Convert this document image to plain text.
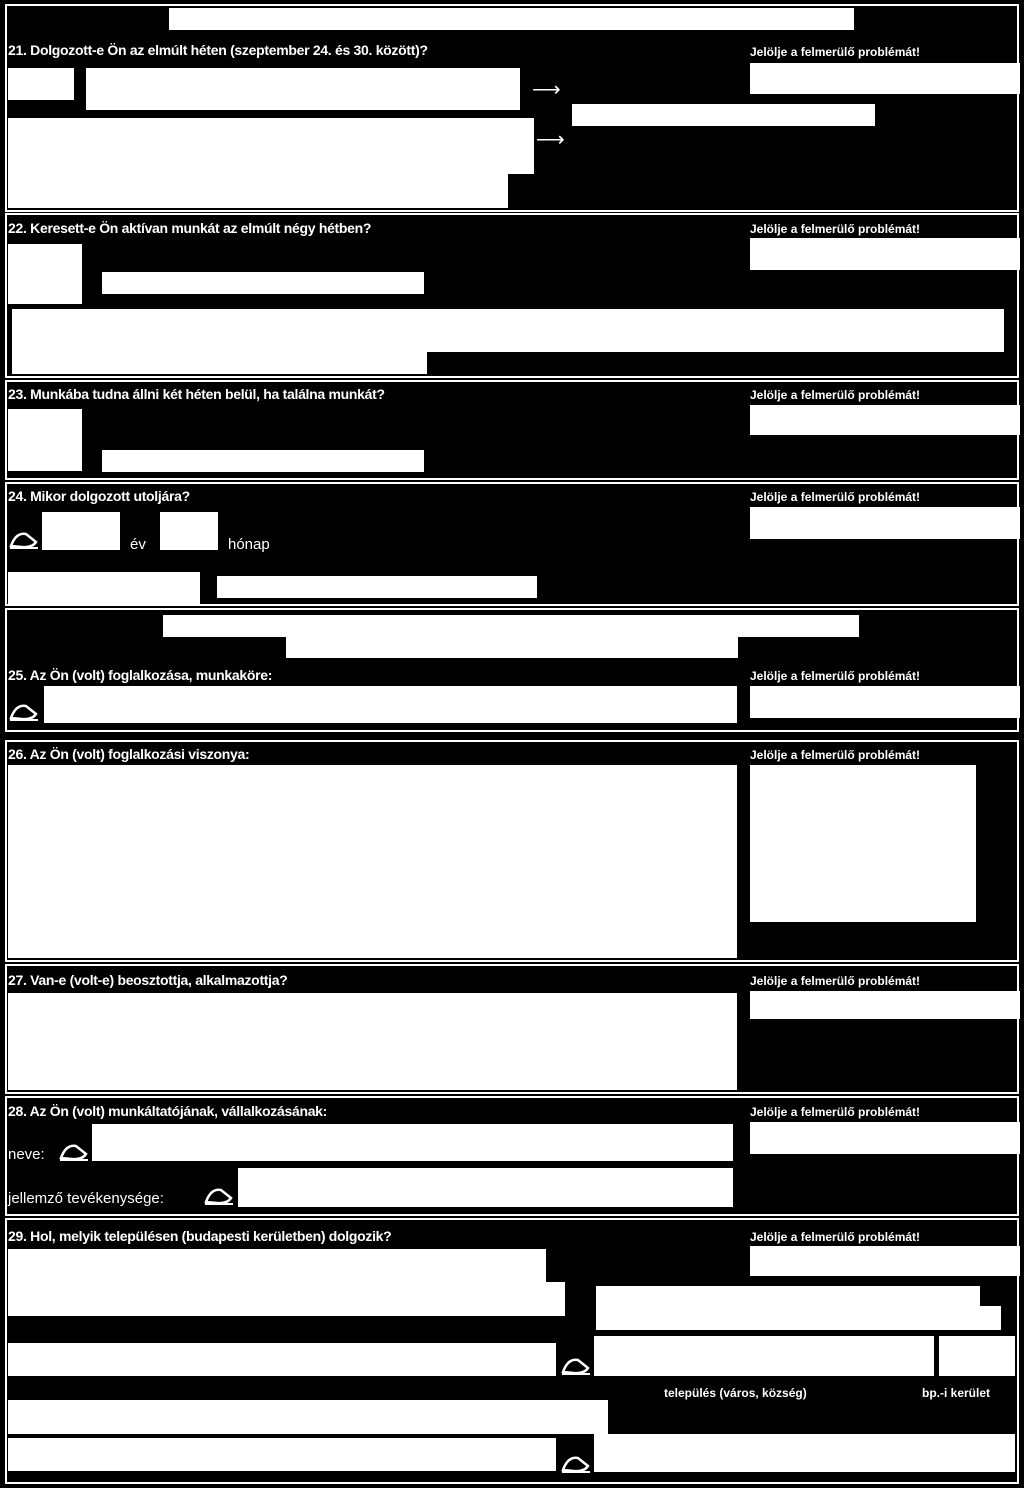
21. Dolgozott-e Ön az elmúlt héten (szeptember 24. és 30. között)?	Jelölje a felmerülő problémát!
⟶
⟶
22. Keresett-e Ön aktívan munkát az elmúlt négy hétben?	Jelölje a felmerülő problémát!
23. Munkába tudna állni két héten belül, ha találna munkát?	Jelölje a felmerülő problémát!
24. Mikor dolgozott utoljára?	Jelölje a felmerülő problémát!
év	hónap
25. Az Ön (volt) foglalkozása, munkaköre:	Jelölje a felmerülő problémát!
26. Az Ön (volt) foglalkozási viszonya:	Jelölje a felmerülő problémát!
27. Van-e (volt-e) beosztottja, alkalmazottja?	Jelölje a felmerülő problémát!
28. Az Ön (volt) munkáltatójának, vállalkozásának:	Jelölje a felmerülő problémát!
neve:
jellemző tevékenysége:
29. Hol, melyik településen (budapesti kerületben) dolgozik?	Jelölje a felmerülő problémát!
település (város, község)	bp.-i kerület
